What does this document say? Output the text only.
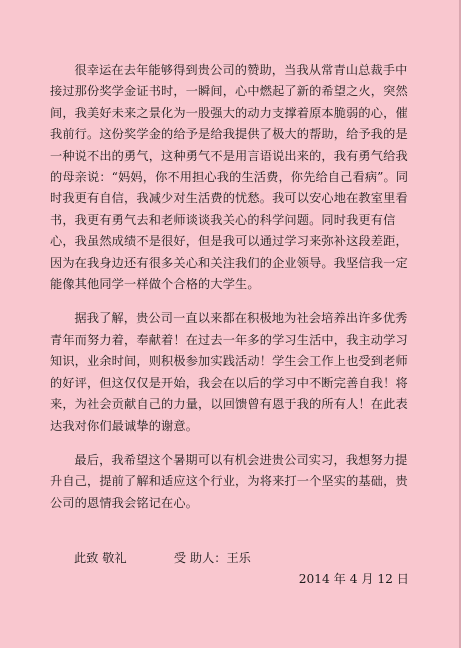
很幸运在去年能够得到贵公司的赞助，当我从常青山总裁手中接过那份奖学金证书时，一瞬间，心中燃起了新的希望之火，突然间，我美好未来之景化为一股强大的动力支撑着原本脆弱的心，催我前行。这份奖学金的给予是给我提供了极大的帮助，给予我的是一种说不出的勇气，这种勇气不是用言语说出来的，我有勇气给我的母亲说：“妈妈，你不用担心我的生活费，你先给自己看病”。同时我更有自信，我减少对生活费的忧愁。我可以安心地在教室里看书，我更有勇气去和老师谈谈我关心的科学问题。同时我更有信心，我虽然成绩不是很好，但是我可以通过学习来弥补这段差距，因为在我身边还有很多关心和关注我们的企业领导。我坚信我一定能像其他同学一样做个合格的大学生。

据我了解，贵公司一直以来都在积极地为社会培养出许多优秀青年而努力着，奉献着！在过去一年多的学习生活中，我主动学习知识，业余时间，则积极参加实践活动！学生会工作上也受到老师的好评，但这仅仅是开始，我会在以后的学习中不断完善自我！将来，为社会贡献自己的力量，以回馈曾有恩于我的所有人！在此表达我对你们最诚挚的谢意。

最后，我希望这个暑期可以有机会进贵公司实习，我想努力提升自己，提前了解和适应这个行业，为将来打一个坚实的基础，贵公司的恩情我会铭记在心。

此致 敬礼	受 助人：王乐
2014 年 4 月 12 日
